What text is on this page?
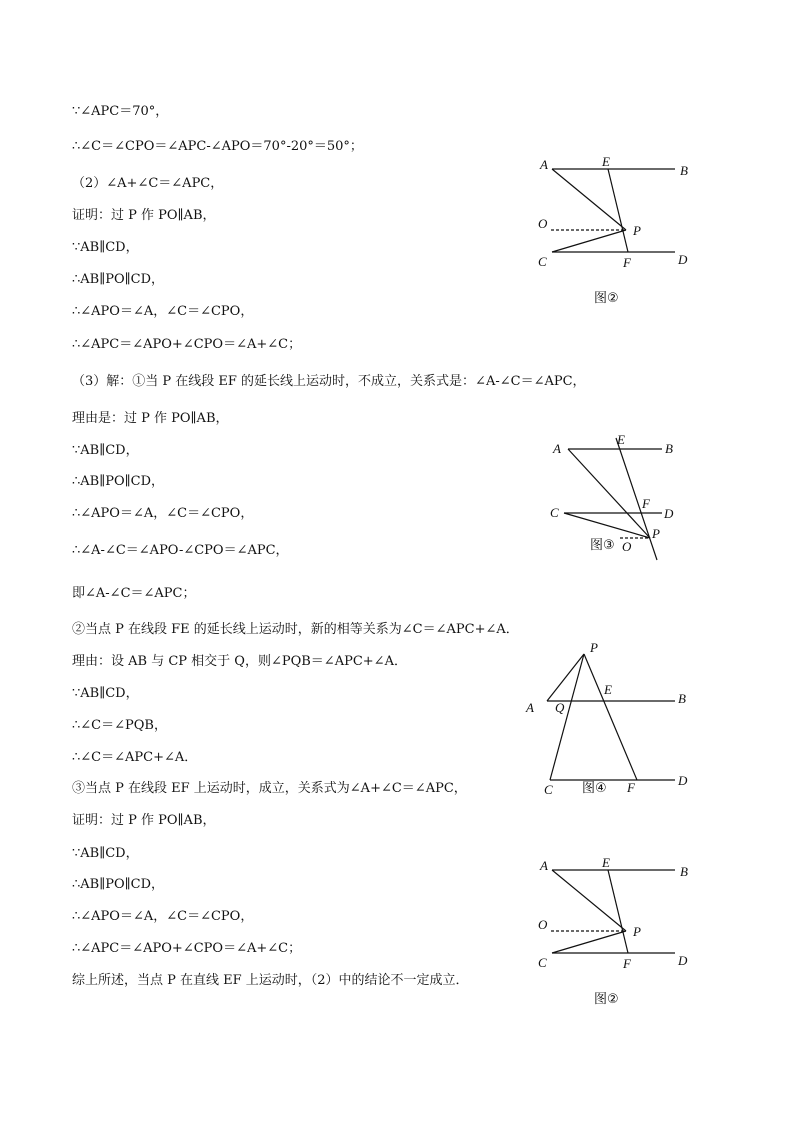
∵∠APC＝70°，
∴∠C＝∠CPO＝∠APC-∠APO＝70°-20°＝50°；
（2）∠A+∠C＝∠APC，
证明：过 P 作 PO∥AB，
∵AB∥CD，
∴AB∥PO∥CD，
∴∠APO＝∠A，∠C＝∠CPO，
∴∠APC＝∠APO+∠CPO＝∠A+∠C；
（3）解：①当 P 在线段 EF 的延长线上运动时，不成立，关系式是：∠A-∠C＝∠APC，
理由是：过 P 作 PO∥AB，
∵AB∥CD，
∴AB∥PO∥CD，
∴∠APO＝∠A，∠C＝∠CPO，
∴∠A-∠C＝∠APO-∠CPO＝∠APC，
即∠A-∠C＝∠APC；
②当点 P 在线段 FE 的延长线上运动时，新的相等关系为∠C＝∠APC+∠A．
理由：设 AB 与 CP 相交于 Q，则∠PQB＝∠APC+∠A．
∵AB∥CD，
∴∠C＝∠PQB，
∴∠C＝∠APC+∠A．
③当点 P 在线段 EF 上运动时，成立，关系式为∠A+∠C＝∠APC，
证明：过 P 作 PO∥AB，
∵AB∥CD，
∴AB∥PO∥CD，
∴∠APO＝∠A，∠C＝∠CPO，
∴∠APC＝∠APO+∠CPO＝∠A+∠C；
综上所述，当点 P 在直线 EF 上运动时，（2）中的结论不一定成立．
A	E
B
O	P
C	F	D
图②
A
E
B
C
F
D
P
O
图③
P
E
A Q
B
C	F	D
图④
A	E
B
O	P
C	F	D
图②
